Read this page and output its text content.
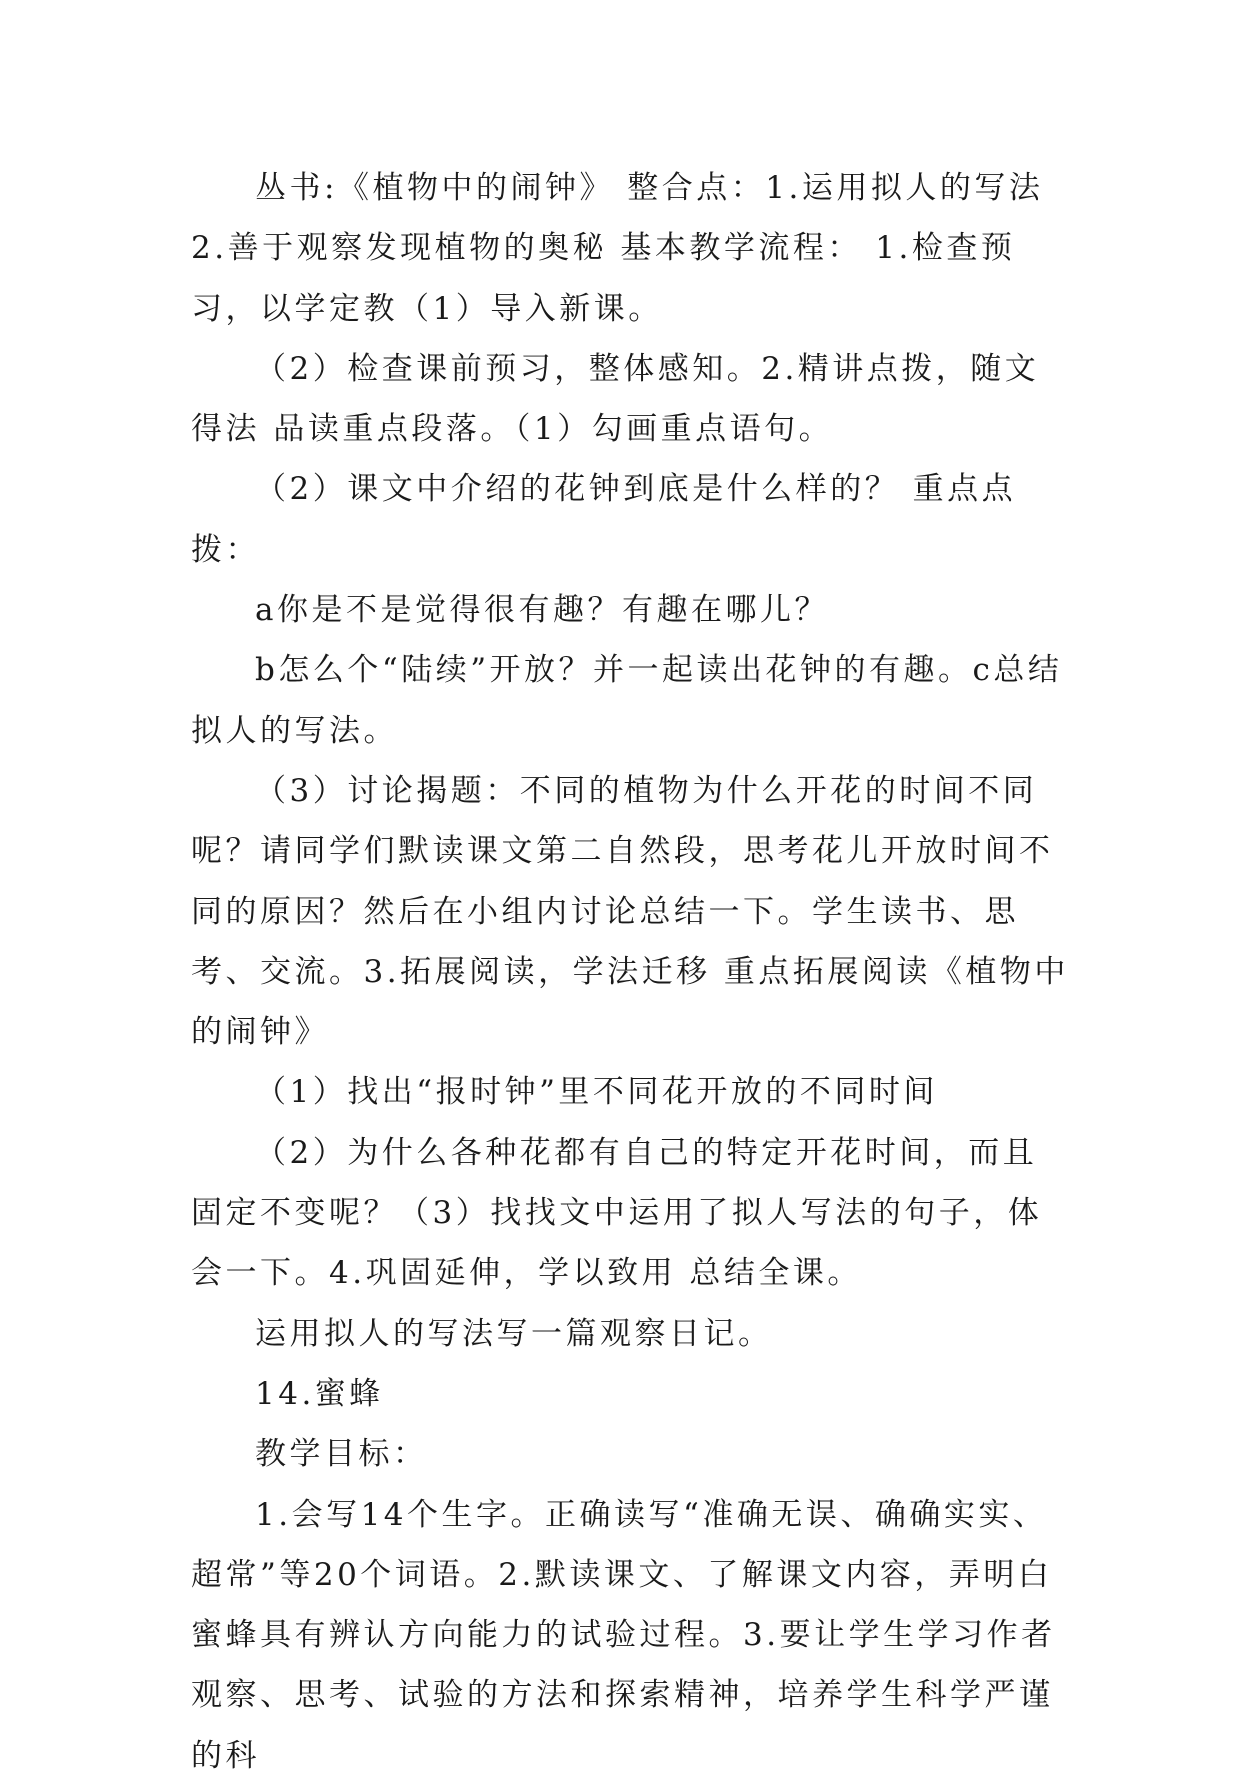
丛书:《植物中的闹钟》 整合点：1.运用拟人的写法 2.善于观察发现植物的奥秘 基本教学流程： 1.检查预习，以学定教（1）导入新课。

（2）检查课前预习，整体感知。2.精讲点拨，随文得法 品读重点段落。（1）勾画重点语句。

（2）课文中介绍的花钟到底是什么样的？ 重点点拨：

a你是不是觉得很有趣？有趣在哪儿？

b怎么个“陆续”开放？并一起读出花钟的有趣。c总结拟人的写法。

（3）讨论揭题：不同的植物为什么开花的时间不同呢？请同学们默读课文第二自然段，思考花儿开放时间不同的原因？然后在小组内讨论总结一下。学生读书、思考、交流。3.拓展阅读，学法迁移 重点拓展阅读《植物中的闹钟》

（1）找出“报时钟”里不同花开放的不同时间

（2）为什么各种花都有自己的特定开花时间，而且固定不变呢？（3）找找文中运用了拟人写法的句子，体会一下。4.巩固延伸，学以致用 总结全课。

运用拟人的写法写一篇观察日记。

14.蜜蜂

教学目标：

1.会写14个生字。正确读写“准确无误、确确实实、超常”等20个词语。2.默读课文、了解课文内容，弄明白蜜蜂具有辨认方向能力的试验过程。3.要让学生学习作者观察、思考、试验的方法和探索精神，培养学生科学严谨的科
